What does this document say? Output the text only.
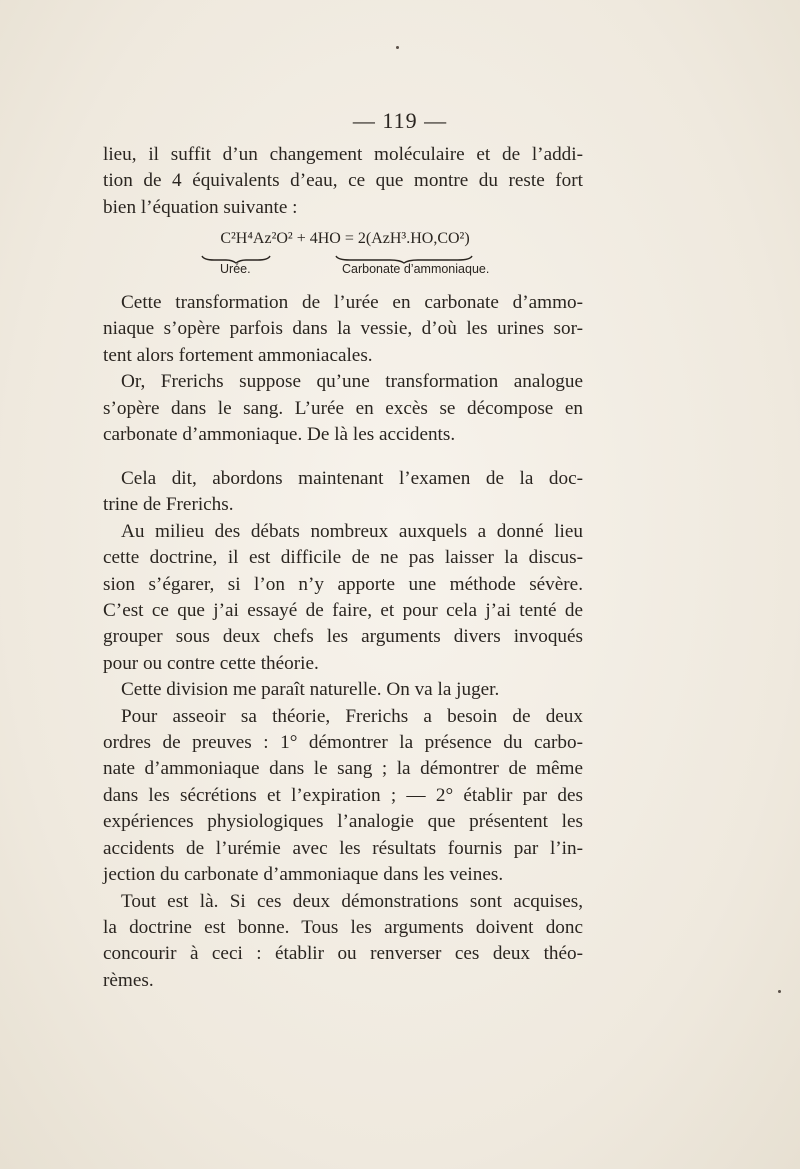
— 119 —

lieu, il suffit d’un changement moléculaire et de l’addi-

tion de 4 équivalents d’eau, ce que montre du reste fort

bien l’équation suivante :

C²H⁴Az²O² + 4HO = 2(AzH³.HO,CO²)
Urée.	Carbonate d’ammoniaque.

Cette transformation de l’urée en carbonate d’ammo-

niaque s’opère parfois dans la vessie, d’où les urines sor-

tent alors fortement ammoniacales.

Or, Frerichs suppose qu’une transformation analogue

s’opère dans le sang. L’urée en excès se décompose en

carbonate d’ammoniaque. De là les accidents.

Cela dit, abordons maintenant l’examen de la doc-

trine de Frerichs.

Au milieu des débats nombreux auxquels a donné lieu

cette doctrine, il est difficile de ne pas laisser la discus-

sion s’égarer, si l’on n’y apporte une méthode sévère.

C’est ce que j’ai essayé de faire, et pour cela j’ai tenté de

grouper sous deux chefs les arguments divers invoqués

pour ou contre cette théorie.

Cette division me paraît naturelle. On va la juger.

Pour asseoir sa théorie, Frerichs a besoin de deux

ordres de preuves : 1° démontrer la présence du carbo-

nate d’ammoniaque dans le sang ; la démontrer de même

dans les sécrétions et l’expiration ; — 2° établir par des

expériences physiologiques l’analogie que présentent les

accidents de l’urémie avec les résultats fournis par l’in-

jection du carbonate d’ammoniaque dans les veines.

Tout est là. Si ces deux démonstrations sont acquises,

la doctrine est bonne. Tous les arguments doivent donc

concourir à ceci : établir ou renverser ces deux théo-

rèmes.
